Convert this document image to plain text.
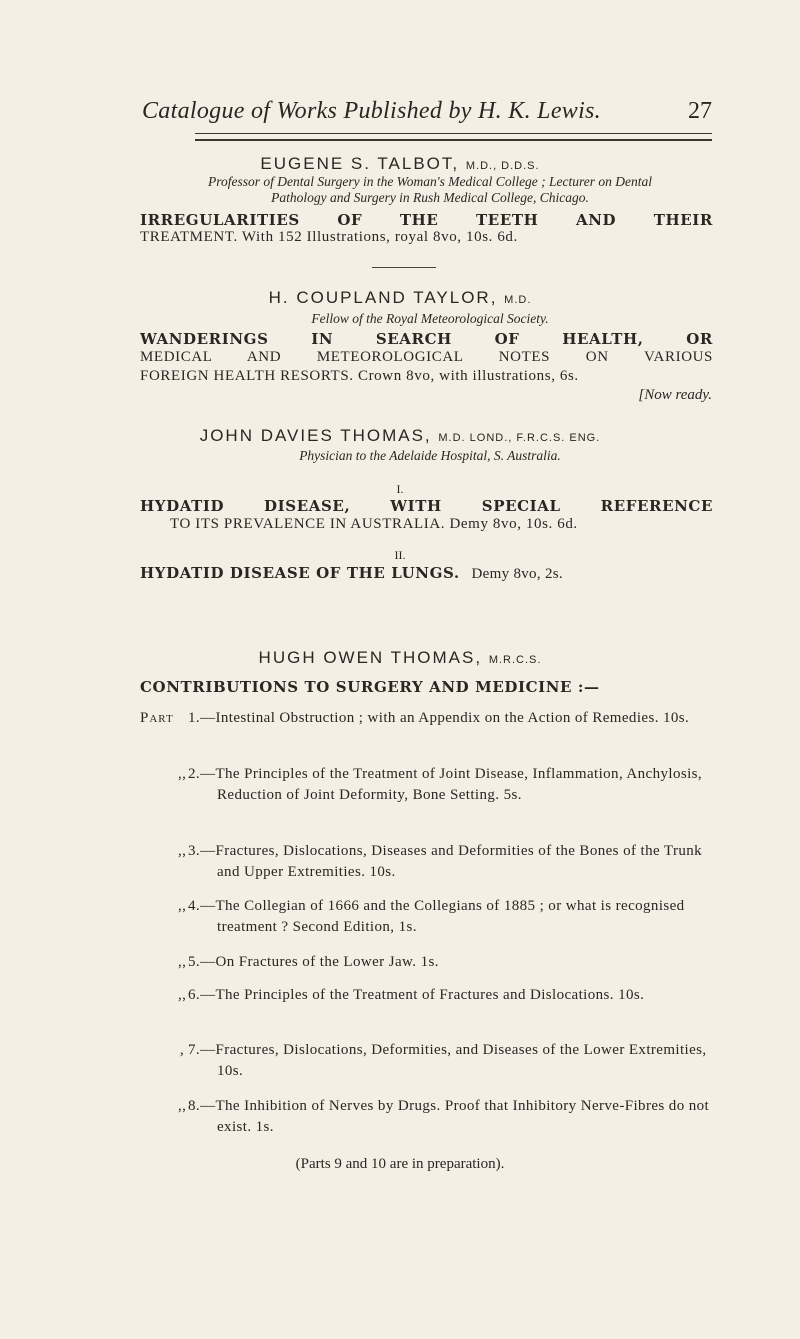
Catalogue of Works Published by H. K. Lewis.	27
EUGENE S. TALBOT, M.D., D.D.S.
Professor of Dental Surgery in the Woman's Medical College ; Lecturer on Dental
Pathology and Surgery in Rush Medical College, Chicago.
IRREGULARITIES OF THE TEETH AND THEIR
TREATMENT. With 152 Illustrations, royal 8vo, 10s. 6d.
H. COUPLAND TAYLOR, M.D.
Fellow of the Royal Meteorological Society.
WANDERINGS IN SEARCH OF HEALTH, OR
MEDICAL AND METEOROLOGICAL NOTES ON VARIOUS
FOREIGN HEALTH RESORTS. Crown 8vo, with illustrations, 6s.
[Now ready.
JOHN DAVIES THOMAS, M.D. LOND., F.R.C.S. ENG.
Physician to the Adelaide Hospital, S. Australia.
I.
HYDATID DISEASE, WITH SPECIAL REFERENCE
TO ITS PREVALENCE IN AUSTRALIA. Demy 8vo, 10s. 6d.
II.
HYDATID DISEASE OF THE LUNGS. Demy 8vo, 2s.
HUGH OWEN THOMAS, M.R.C.S.
CONTRIBUTIONS TO SURGERY AND MEDICINE :—
Part 1.—Intestinal Obstruction ; with an Appendix on the Action of Remedies. 10s.
,, 2.—The Principles of the Treatment of Joint Disease, Inflammation, Anchylosis, Reduction of Joint Deformity, Bone Setting. 5s.
,, 3.—Fractures, Dislocations, Diseases and Deformities of the Bones of the Trunk and Upper Extremities. 10s.
,, 4.—The Collegian of 1666 and the Collegians of 1885 ; or what is recognised treatment ? Second Edition, 1s.
,, 5.—On Fractures of the Lower Jaw. 1s.
,, 6.—The Principles of the Treatment of Fractures and Dislocations. 10s.
, 7.—Fractures, Dislocations, Deformities, and Diseases of the Lower Extremities, 10s.
,, 8.—The Inhibition of Nerves by Drugs. Proof that Inhibitory Nerve-Fibres do not exist. 1s.
(Parts 9 and 10 are in preparation).
